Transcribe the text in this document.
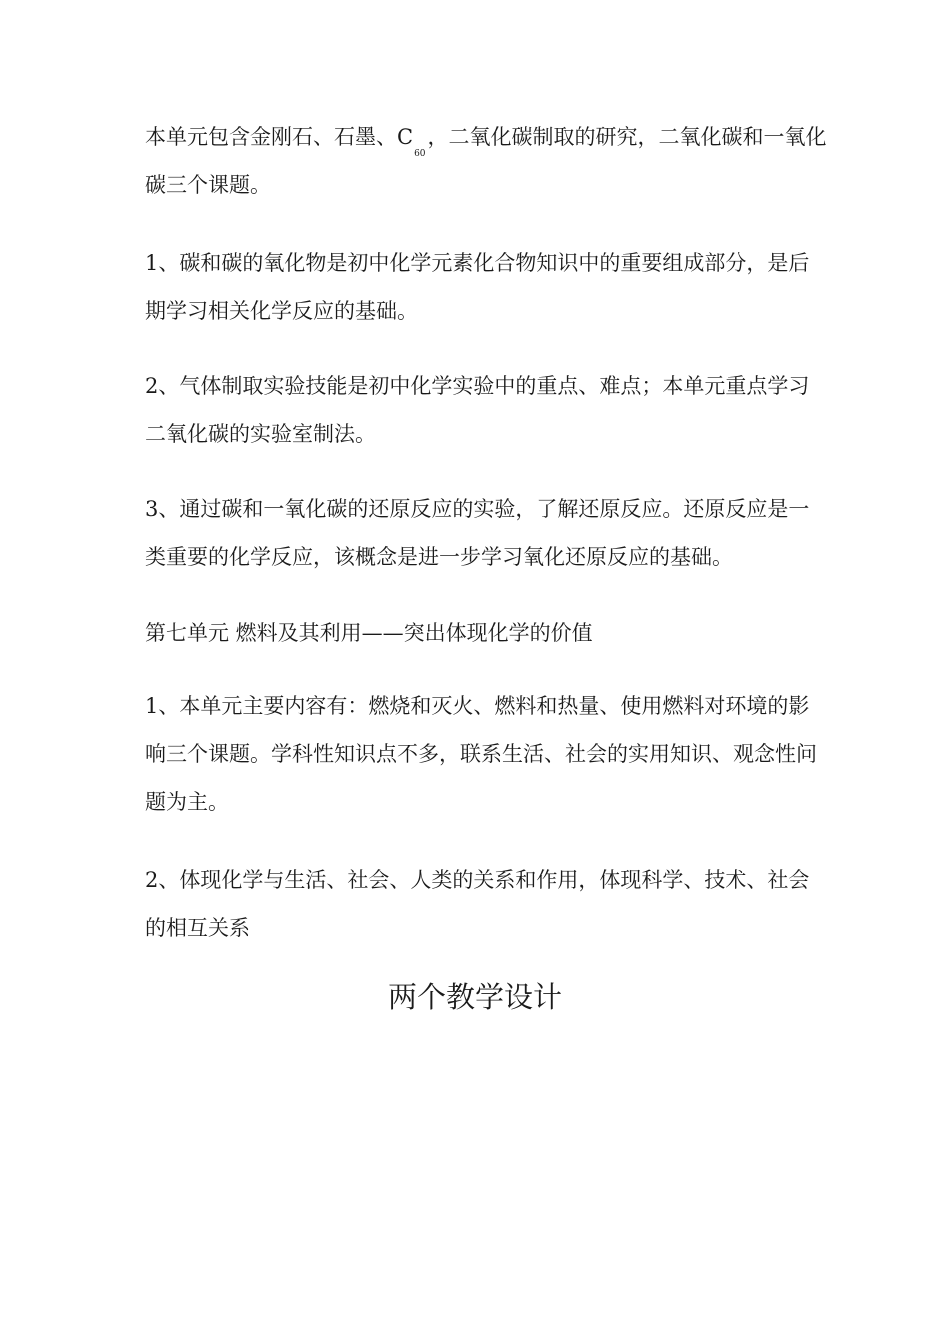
本单元包含金刚石、石墨、$C_{60}$，二氧化碳制取的研究，二氧化碳和一氧化
碳三个课题。

1、碳和碳的氧化物是初中化学元素化合物知识中的重要组成部分，是后
期学习相关化学反应的基础。

2、气体制取实验技能是初中化学实验中的重点、难点；本单元重点学习
二氧化碳的实验室制法。

3、通过碳和一氧化碳的还原反应的实验，了解还原反应。还原反应是一
类重要的化学反应，该概念是进一步学习氧化还原反应的基础。

第七单元 燃料及其利用——突出体现化学的价值

1、本单元主要内容有：燃烧和灭火、燃料和热量、使用燃料对环境的影
响三个课题。学科性知识点不多，联系生活、社会的实用知识、观念性问
题为主。

2、体现化学与生活、社会、人类的关系和作用，体现科学、技术、社会
的相互关系

两个教学设计
